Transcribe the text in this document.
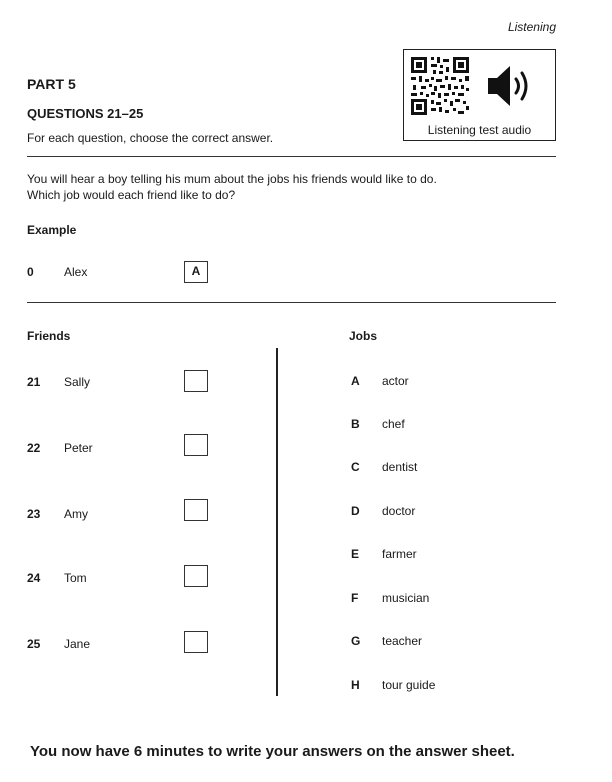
Listening
PART 5
QUESTIONS 21–25
For each question, choose the correct answer.
Listening test audio
You will hear a boy telling his mum about the jobs his friends would like to do.
Which job would each friend like to do?
Example
0	Alex	A
Friends	Jobs
21 Sally
22 Peter
23 Amy
24 Tom
25 Jane
A actor
B chef
C dentist
D doctor
E farmer
F musician
G teacher
H tour guide
You now have 6 minutes to write your answers on the answer sheet.
